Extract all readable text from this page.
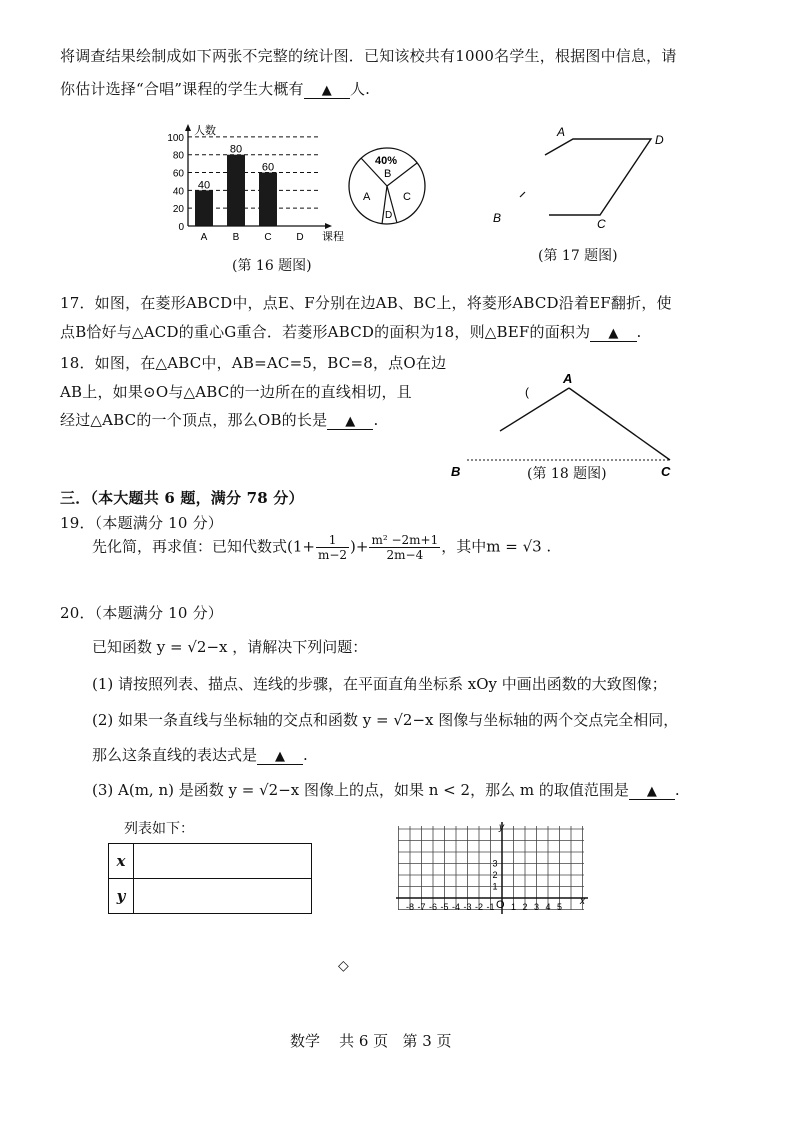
将调查结果绘制成如下两张不完整的统计图．已知该校共有1000名学生，根据图中信息，请
你估计选择“合唱”课程的学生大概有 ▲ 人.
0
20
40
60
80
100
40
A
80
B
60
C D
人数
课程
40%
B
A	C
D
(第 16 题图)
A
B	C
D
(第 17 题图)
17．如图，在菱形ABCD中，点E、F分别在边AB、BC上，将菱形ABCD沿着EF翻折，使
点B恰好与△ACD的重心G重合．若菱形ABCD的面积为18，则△BEF的面积为 ▲ .
18．如图，在△ABC中，AB=AC=5，BC=8，点O在边
AB上，如果⊙O与△ABC的一边所在的直线相切，且
经过△ABC的一个顶点，那么OB的长是 ▲ .
(
A
B	C
(第 18 题图)
三．（本大题共 6 题，满分 78 分）
19．（本题满分 10 分）
先化简，再求值：已知代数式($1+ \frac{1}{m-2}$ )+ $\frac{\text{m² −2m+1}}{2m-4}$ ，其中m = √3 .
20．（本题满分 10 分）
已知函数 y = √2−x ，请解决下列问题：
(1) 请按照列表、描点、连线的步骤，在平面直角坐标系 xOy 中画出函数的大致图像；
(2) 如果一条直线与坐标轴的交点和函数 y = √2−x 图像与坐标轴的两个交点完全相同，
那么这条直线的表达式是 ▲ .
(3) A(m, n) 是函数 y = √2−x 图像上的点，如果 n < 2，那么 m 的取值范围是 ▲ .
列表如下：
x	
y	
-8 -7 -6 -5 -4 -3 -2 -1 1 2 3 4 5
1
2
3
y
x
O
◇
数学    共 6 页   第 3 页
